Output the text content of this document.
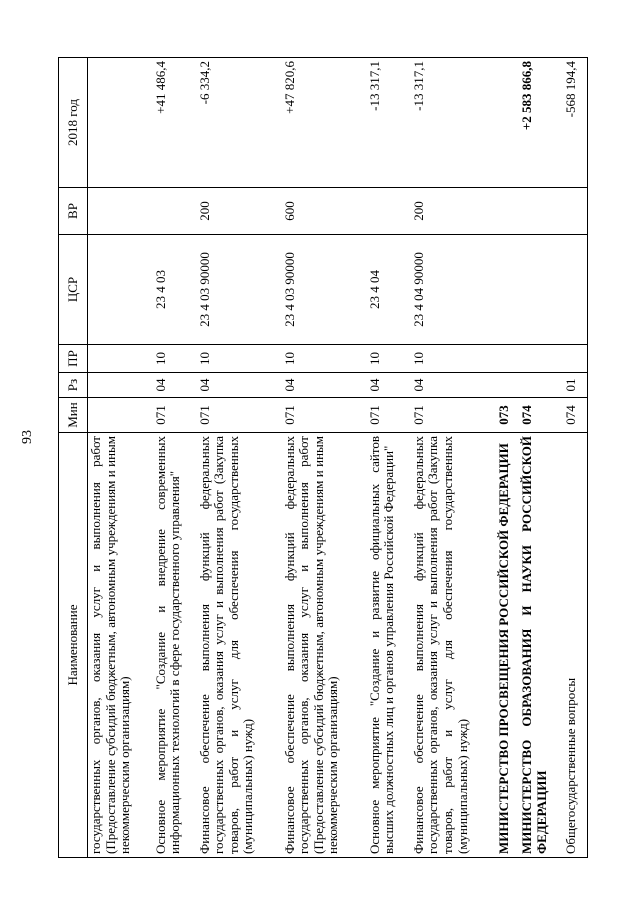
93
Наименование	Мин	Рз	ПР	ЦСР	ВР	2018 год
государственных органов, оказания услуг и выполнения работ (Предоставление субсидий бюджетным, автономным учреждениям и иным некоммерческим организациям)						
Основное мероприятие "Создание и внедрение современных информационных технологий в сфере государственного управления"	071	04	10	23 4 03		+41 486,4
Финансовое обеспечение выполнения функций федеральных государственных органов, оказания услуг и выполнения работ (Закупка товаров, работ и услуг для обеспечения государственных (муниципальных) нужд)	071	04	10	23 4 03 90000	200	-6 334,2
Финансовое обеспечение выполнения функций федеральных государственных органов, оказания услуг и выполнения работ (Предоставление субсидий бюджетным, автономным учреждениям и иным некоммерческим организациям)	071	04	10	23 4 03 90000	600	+47 820,6
Основное мероприятие "Создание и развитие официальных сайтов высших должностных лиц и органов управления Российской Федерации"	071	04	10	23 4 04		-13 317,1
Финансовое обеспечение выполнения функций федеральных государственных органов, оказания услуг и выполнения работ (Закупка товаров, работ и услуг для обеспечения государственных (муниципальных) нужд)	071	04	10	23 4 04 90000	200	-13 317,1
МИНИСТЕРСТВО ПРОСВЕЩЕНИЯ РОССИЙСКОЙ ФЕДЕРАЦИИ	073					
МИНИСТЕРСТВО ОБРАЗОВАНИЯ И НАУКИ РОССИЙСКОЙ ФЕДЕРАЦИИ	074					+2 583 866,8
Общегосударственные вопросы	074	01				-568 194,4
